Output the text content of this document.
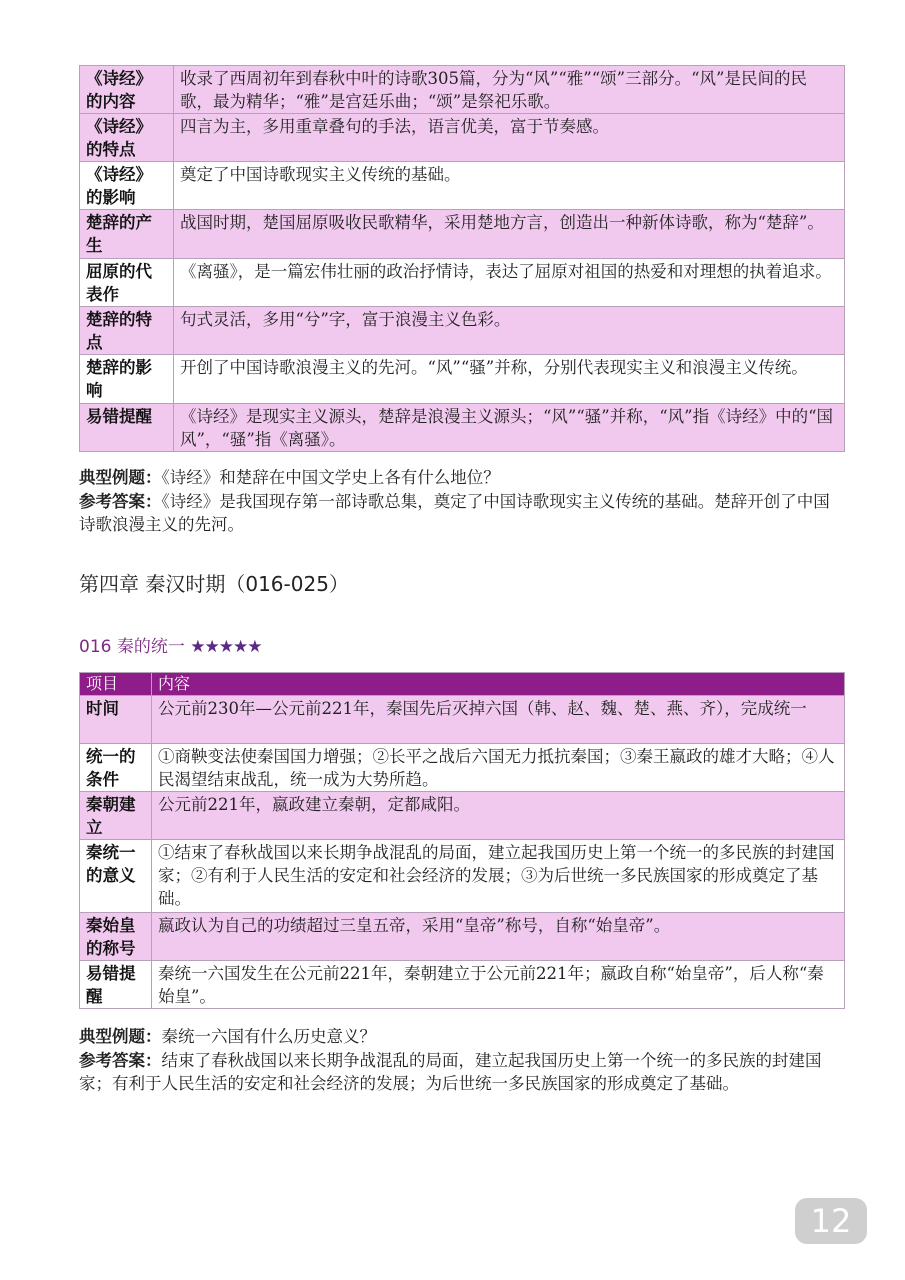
《诗经》的内容	收录了西周初年到春秋中叶的诗歌305篇，分为“风”“雅”“颂”三部分。“风”是民间的民歌，最为精华；“雅”是宫廷乐曲；“颂”是祭祀乐歌。
《诗经》的特点	四言为主，多用重章叠句的手法，语言优美，富于节奏感。
《诗经》的影响	奠定了中国诗歌现实主义传统的基础。
楚辞的产生	战国时期，楚国屈原吸收民歌精华，采用楚地方言，创造出一种新体诗歌，称为“楚辞”。
屈原的代表作	《离骚》，是一篇宏伟壮丽的政治抒情诗，表达了屈原对祖国的热爱和对理想的执着追求。
楚辞的特点	句式灵活，多用“兮”字，富于浪漫主义色彩。
楚辞的影响	开创了中国诗歌浪漫主义的先河。“风”“骚”并称，分别代表现实主义和浪漫主义传统。
易错提醒	《诗经》是现实主义源头，楚辞是浪漫主义源头；“风”“骚”并称，“风”指《诗经》中的“国风”，“骚”指《离骚》。

典型例题：《诗经》和楚辞在中国文学史上各有什么地位？
参考答案：《诗经》是我国现存第一部诗歌总集，奠定了中国诗歌现实主义传统的基础。楚辞开创了中国诗歌浪漫主义的先河。

第四章 秦汉时期（016-025）
016 秦的统一 ★★★★★
项目	内容
时间	公元前230年—公元前221年，秦国先后灭掉六国（韩、赵、魏、楚、燕、齐），完成统一
统一的条件	①商鞅变法使秦国国力增强；②长平之战后六国无力抵抗秦国；③秦王嬴政的雄才大略；④人民渴望结束战乱，统一成为大势所趋。
秦朝建立	公元前221年，嬴政建立秦朝，定都咸阳。
秦统一的意义	①结束了春秋战国以来长期争战混乱的局面，建立起我国历史上第一个统一的多民族的封建国家；②有利于人民生活的安定和社会经济的发展；③为后世统一多民族国家的形成奠定了基础。
秦始皇的称号	嬴政认为自己的功绩超过三皇五帝，采用“皇帝”称号，自称“始皇帝”。
易错提醒	秦统一六国发生在公元前221年，秦朝建立于公元前221年；嬴政自称“始皇帝”，后人称“秦始皇”。

典型例题：秦统一六国有什么历史意义？
参考答案：结束了春秋战国以来长期争战混乱的局面，建立起我国历史上第一个统一的多民族的封建国家；有利于人民生活的安定和社会经济的发展；为后世统一多民族国家的形成奠定了基础。

12
